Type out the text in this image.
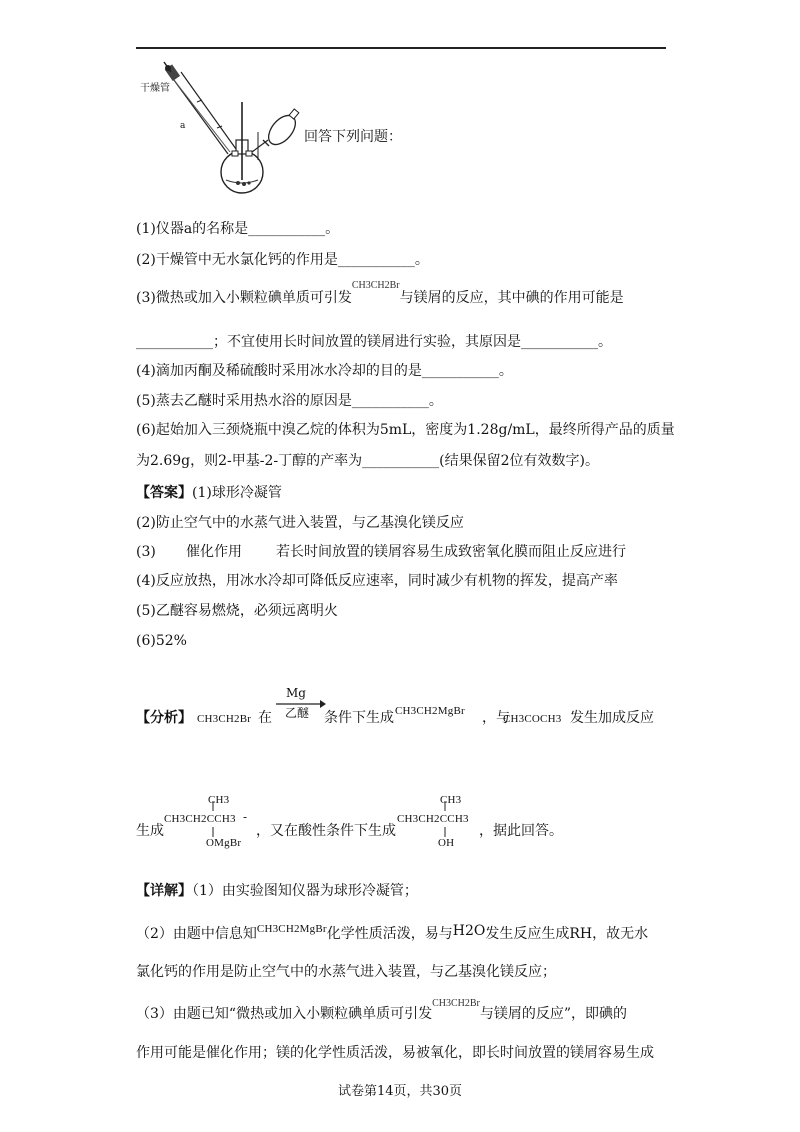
干燥管
a
回答下列问题：
(1)仪器a的名称是___________。
(2)干燥管中无水氯化钙的作用是___________。
(3)微热或加入小颗粒碘单质可引发$^{CH3CH2Br}$与镁屑的反应，其中碘的作用可能是
___________；不宜使用长时间放置的镁屑进行实验，其原因是___________。
(4)滴加丙酮及稀硫酸时采用冰水冷却的目的是___________。
(5)蒸去乙醚时采用热水浴的原因是___________。
(6)起始加入三颈烧瓶中溴乙烷的体积为5mL，密度为1.28g/mL，最终所得产品的质量
为2.69g，则2-甲基-2-丁醇的产率为___________(结果保留2位有效数字)。
【答案】(1)球形冷凝管
(2)防止空气中的水蒸气进入装置，与乙基溴化镁反应
(3) 催化作用 若长时间放置的镁屑容易生成致密氧化膜而阻止反应进行
(4)反应放热，用冰水冷却可降低反应速率，同时减少有机物的挥发，提高产率
(5)乙醚容易燃烧，必须远离明火
(6)52%
【分析】 CH3CH2Br 在
Mg
乙醚 条件下生成 CH3CH2MgBr ，与
CH3COCH3 发生加成反应
生成
CH3
CH3CH2CCH3
OMgBr
-
，又在酸性条件下生成
CH3
CH3CH2CCH3
OH
，据此回答。
【详解】（1）由实验图知仪器为球形冷凝管；
（2）由题中信息知$^{CH3CH2MgBr}$化学性质活泼，易与H2O发生反应生成RH，故无水
氯化钙的作用是防止空气中的水蒸气进入装置，与乙基溴化镁反应；
（3）由题已知“微热或加入小颗粒碘单质可引发$^{CH3CH2Br}$与镁屑的反应”，即碘的
作用可能是催化作用；镁的化学性质活泼，易被氧化，即长时间放置的镁屑容易生成
试卷第14页，共30页
